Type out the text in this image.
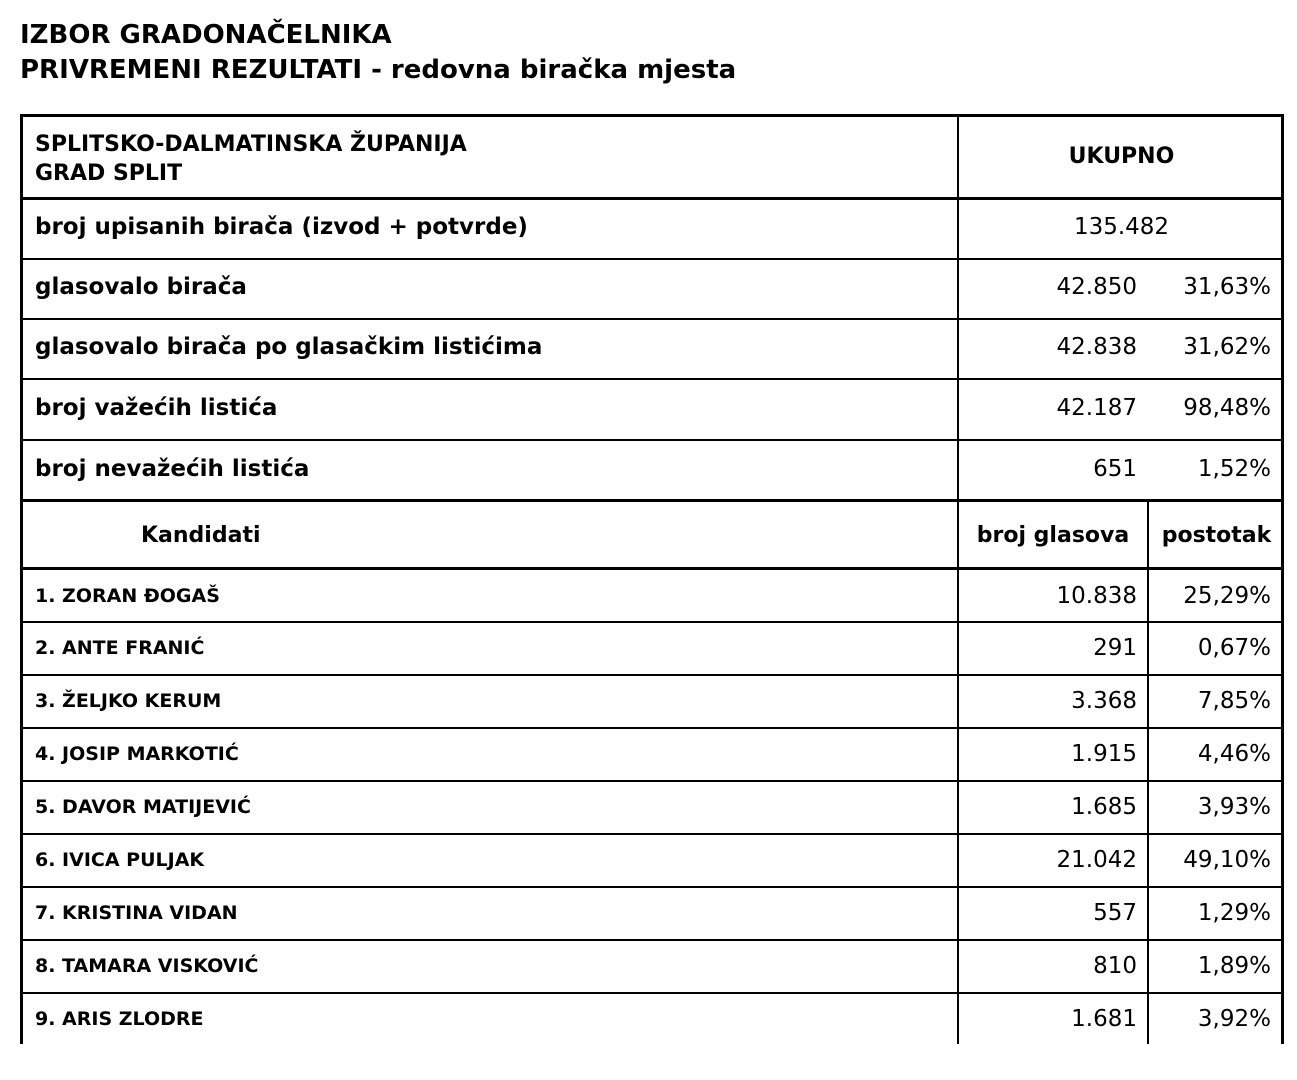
IZBOR GRADONAČELNIKA
PRIVREMENI REZULTATI - redovna biračka mjesta
SPLITSKO-DALMATINSKA ŽUPANIJA
GRAD SPLIT
UKUPNO
broj upisanih birača (izvod + potvrde)	135.482
glasovalo birača	42.850 31,63%
glasovalo birača po glasačkim listićima	42.838 31,62%
broj važećih listića	42.187 98,48%
broj nevažećih listića	651	1,52%
Kandidati	broj glasova	postotak
1. ZORAN ĐOGAŠ	10.838 25,29%
2. ANTE FRANIĆ	291	0,67%
3. ŽELJKO KERUM	3.368	7,85%
4. JOSIP MARKOTIĆ	1.915	4,46%
5. DAVOR MATIJEVIĆ	1.685	3,93%
6. IVICA PULJAK	21.042 49,10%
7. KRISTINA VIDAN	557	1,29%
8. TAMARA VISKOVIĆ	810	1,89%
9. ARIS ZLODRE	1.681	3,92%
